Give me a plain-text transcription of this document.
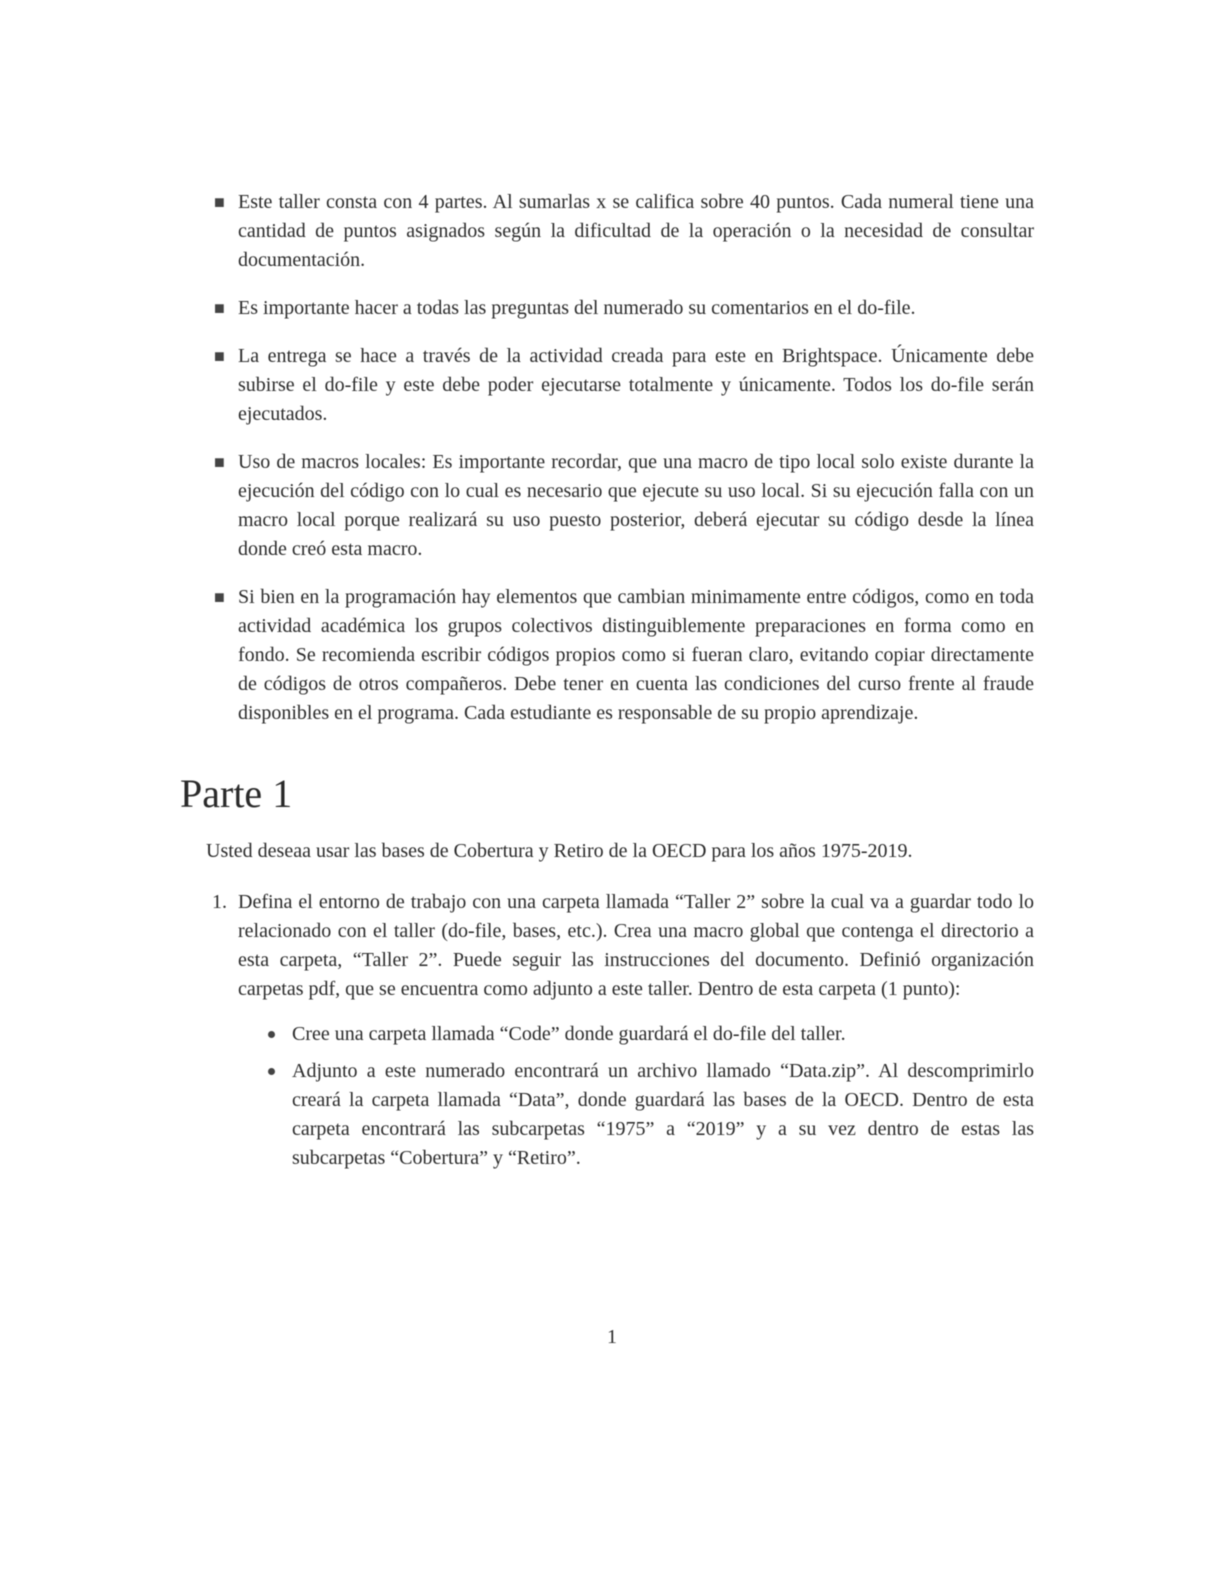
■ Este taller consta con 4 partes. Al sumarlas x se califica sobre 40 puntos. Cada numeral tiene una cantidad de puntos asignados según la dificultad de la operación o la necesidad de consultar documentación.
■ Es importante hacer a todas las preguntas del numerado su comentarios en el do-file.
■ La entrega se hace a través de la actividad creada para este en Brightspace. Únicamente debe subirse el do-file y este debe poder ejecutarse totalmente y únicamente. Todos los do-file serán ejecutados.
■ Uso de macros locales: Es importante recordar, que una macro de tipo local solo existe durante la ejecución del código con lo cual es necesario que ejecute su uso local. Si su ejecución falla con un macro local porque realizará su uso puesto posterior, deberá ejecutar su código desde la línea donde creó esta macro.
■ Si bien en la programación hay elementos que cambian minimamente entre códigos, como en toda actividad académica los grupos colectivos distinguiblemente preparaciones en forma como en fondo. Se recomienda escribir códigos propios como si fueran claro, evitando copiar directamente de códigos de otros compañeros. Debe tener en cuenta las condiciones del curso frente al fraude disponibles en el programa. Cada estudiante es responsable de su propio aprendizaje.
Parte 1

Usted deseaa usar las bases de Cobertura y Retiro de la OECD para los años 1975-2019.

1. Defina el entorno de trabajo con una carpeta llamada “Taller 2” sobre la cual va a guardar todo lo relacionado con el taller (do-file, bases, etc.). Crea una macro global que contenga el directorio a esta carpeta, “Taller 2”. Puede seguir las instrucciones del documento. Definió organización carpetas pdf, que se encuentra como adjunto a este taller. Dentro de esta carpeta (1 punto):
Cree una carpeta llamada “Code” donde guardará el do-file del taller.
Adjunto a este numerado encontrará un archivo llamado “Data.zip”. Al descomprimirlo creará la carpeta llamada “Data”, donde guardará las bases de la OECD. Dentro de esta carpeta encontrará las subcarpetas “1975” a “2019” y a su vez dentro de estas las subcarpetas “Cobertura” y “Retiro”.
1
